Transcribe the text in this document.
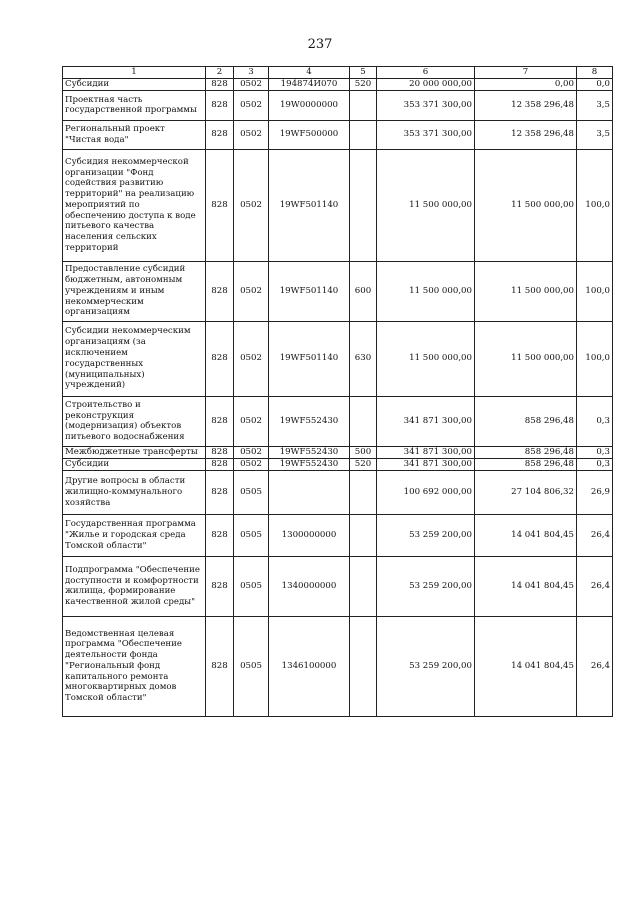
237
1	2	3	4	5	6	7	8
Субсидии	828	0502	194874И070	520	20 000 000,00	0,00	0,0
Проектная часть государственной программы	828	0502	19W0000000		353 371 300,00	12 358 296,48	3,5
Региональный проект "Чистая вода"	828	0502	19WF500000		353 371 300,00	12 358 296,48	3,5
Субсидия некоммерческой организации "Фонд содействия развитию территорий" на реализацию мероприятий по обеспечению доступа к воде питьевого качества населения сельских территорий	828	0502	19WF501140		11 500 000,00	11 500 000,00	100,0
Предоставление субсидий бюджетным, автономным учреждениям и иным некоммерческим организациям	828	0502	19WF501140	600	11 500 000,00	11 500 000,00	100,0
Субсидии некоммерческим организациям (за исключением государственных (муниципальных) учреждений)	828	0502	19WF501140	630	11 500 000,00	11 500 000,00	100,0
Строительство и реконструкция (модернизация) объектов питьевого водоснабжения	828	0502	19WF552430		341 871 300,00	858 296,48	0,3
Межбюджетные трансферты	828	0502	19WF552430	500	341 871 300,00	858 296,48	0,3
Субсидии	828	0502	19WF552430	520	341 871 300,00	858 296,48	0,3
Другие вопросы в области жилищно-коммунального хозяйства	828	0505			100 692 000,00	27 104 806,32	26,9
Государственная программа "Жилье и городская среда Томской области"	828	0505	1300000000		53 259 200,00	14 041 804,45	26,4
Подпрограмма "Обеспечение доступности и комфортности жилища, формирование качественной жилой среды"	828	0505	1340000000		53 259 200,00	14 041 804,45	26,4
Ведомственная целевая программа "Обеспечение деятельности фонда "Региональный фонд капитального ремонта многоквартирных домов Томской области"	828	0505	1346100000		53 259 200,00	14 041 804,45	26,4
